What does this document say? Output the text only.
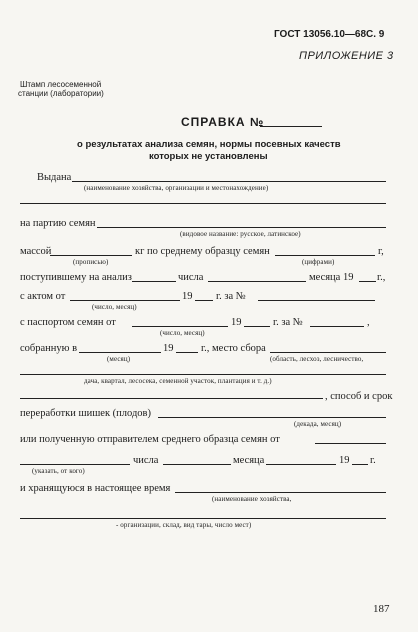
ГОСТ 13056.10—68 С. 9
ПРИЛОЖЕНИЕ 3
Штамп лесосеменной
станции (лаборатории)
СПРАВКА №
о результатах анализа семян, нормы посевных качеств
которых не установлены
Выдана
(наименование хозяйства, организации и местонахождение)
на партию семян
(видовое название: русское, латинское)
массой
(прописью)
кг по среднему образцу семян
(цифрами)
г,
поступившему на анализ	числа	месяца 19 г.,
с актом от
(число, месяц)
19 г. за №
с паспортом семян от
(число, месяц)
19	г. за №	,
собранную в
(месяц)
19	г., место сбора
(область, лесхоз, лесничество,
дача, квартал, лесосека, семенной участок, плантация и т. д.)
, способ и срок
переработки шишек (плодов)
(декада, месяц)
или полученную отправителем среднего образца семян от
(указать, от кого)
числа	месяца	19 г.
и хранящуюся в настоящее время
(наименование хозяйства,
- организации, склад, вид тары, число мест)
187
